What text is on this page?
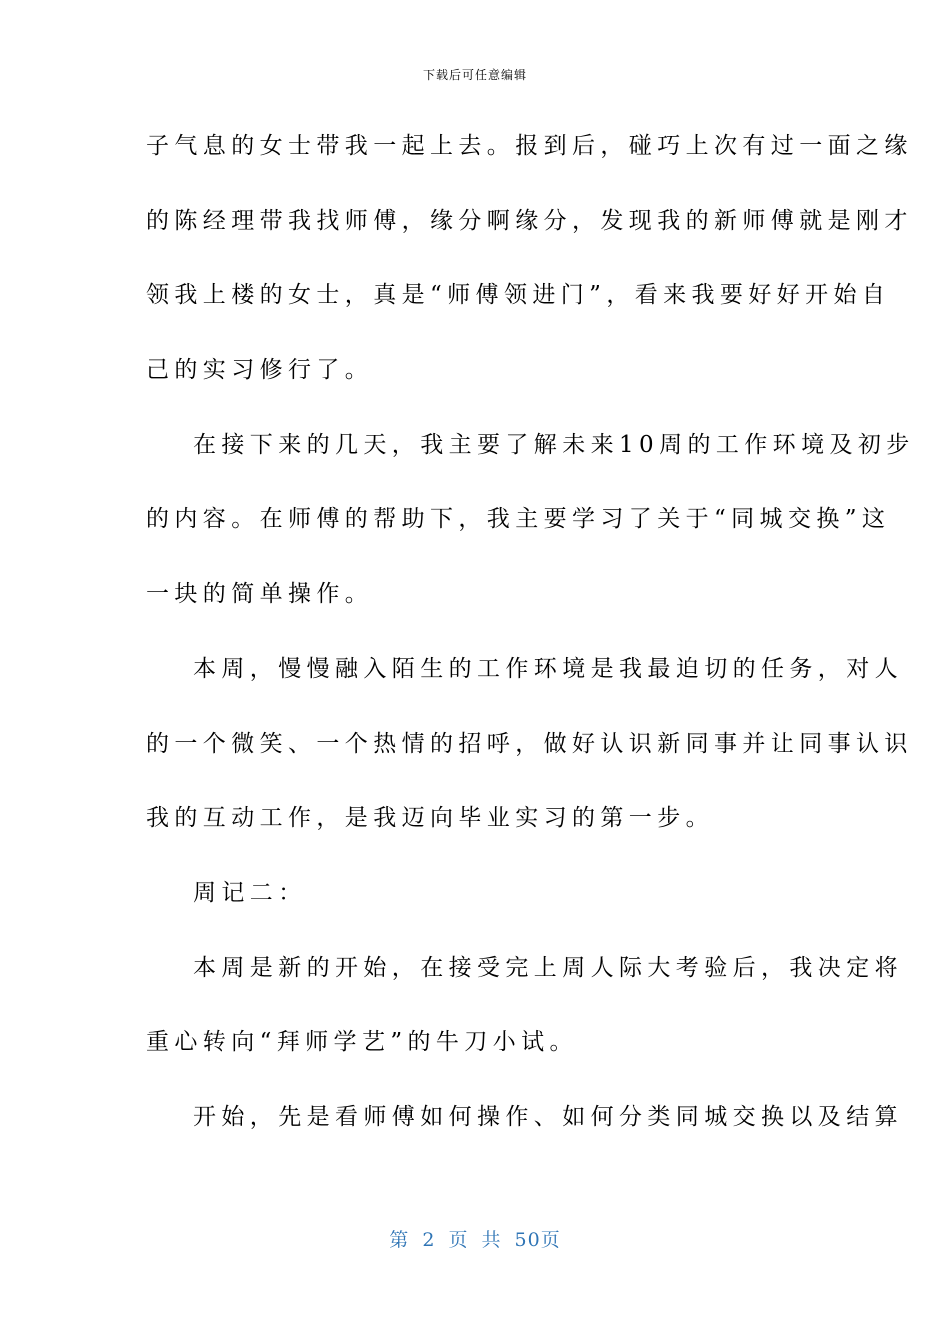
下载后可任意编辑
子气息的女士带我一起上去。报到后，碰巧上次有过一面之缘
的陈经理带我找师傅，缘分啊缘分，发现我的新师傅就是刚才
领我上楼的女士，真是“师傅领进门”，看来我要好好开始自
己的实习修行了。
在接下来的几天，我主要了解未来10周的工作环境及初步
的内容。在师傅的帮助下，我主要学习了关于“同城交换”这
一块的简单操作。
本周，慢慢融入陌生的工作环境是我最迫切的任务，对人
的一个微笑、一个热情的招呼，做好认识新同事并让同事认识
我的互动工作，是我迈向毕业实习的第一步。
周记二：
本周是新的开始，在接受完上周人际大考验后，我决定将
重心转向“拜师学艺”的牛刀小试。
开始，先是看师傅如何操作、如何分类同城交换以及结算
第 2 页 共 50页
